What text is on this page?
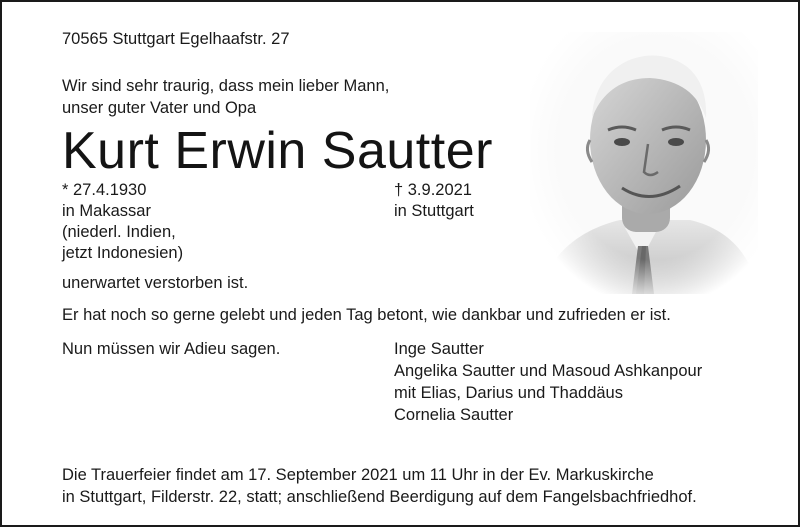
70565 Stuttgart Egelhaafstr. 27
Wir sind sehr traurig, dass mein lieber Mann,
unser guter Vater und Opa
Kurt Erwin Sautter
* 27.4.1930
in Makassar
(niederl. Indien,
jetzt Indonesien)
† 3.9.2021
in Stuttgart
unerwartet verstorben ist.
Er hat noch so gerne gelebt und jeden Tag betont, wie dankbar und zufrieden er ist.
Nun müssen wir Adieu sagen.	Inge Sautter
Angelika Sautter und Masoud Ashkanpour
mit Elias, Darius und Thaddäus
Cornelia Sautter
Die Trauerfeier findet am 17. September 2021 um 11 Uhr in der Ev. Markuskirche
in Stuttgart, Filderstr. 22, statt; anschließend Beerdigung auf dem Fangelsbachfriedhof.
